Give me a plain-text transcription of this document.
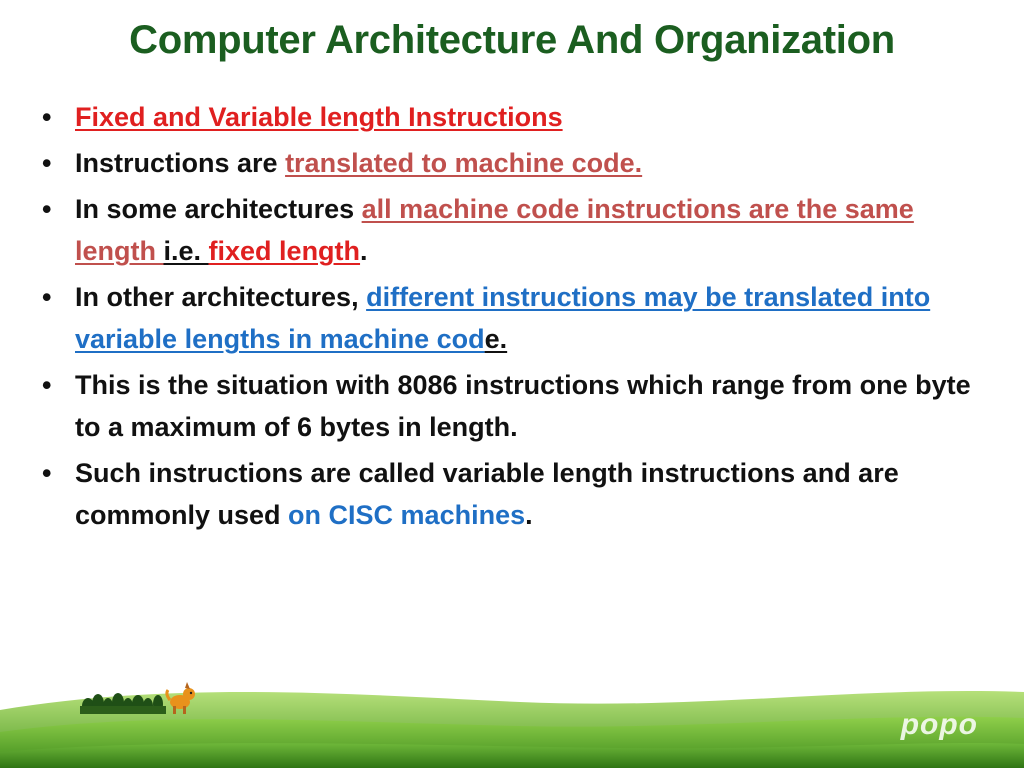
Computer Architecture And Organization
• Fixed and Variable length Instructions
• Instructions are translated to machine code.
• In some architectures all machine code instructions are the same length i.e. fixed length.
• In other architectures, different instructions may be translated into variable lengths in machine code.
• This is the situation with 8086 instructions which range from one byte to a maximum of 6 bytes in length.
• Such instructions are called variable length instructions and are commonly used on CISC machines.
popo
